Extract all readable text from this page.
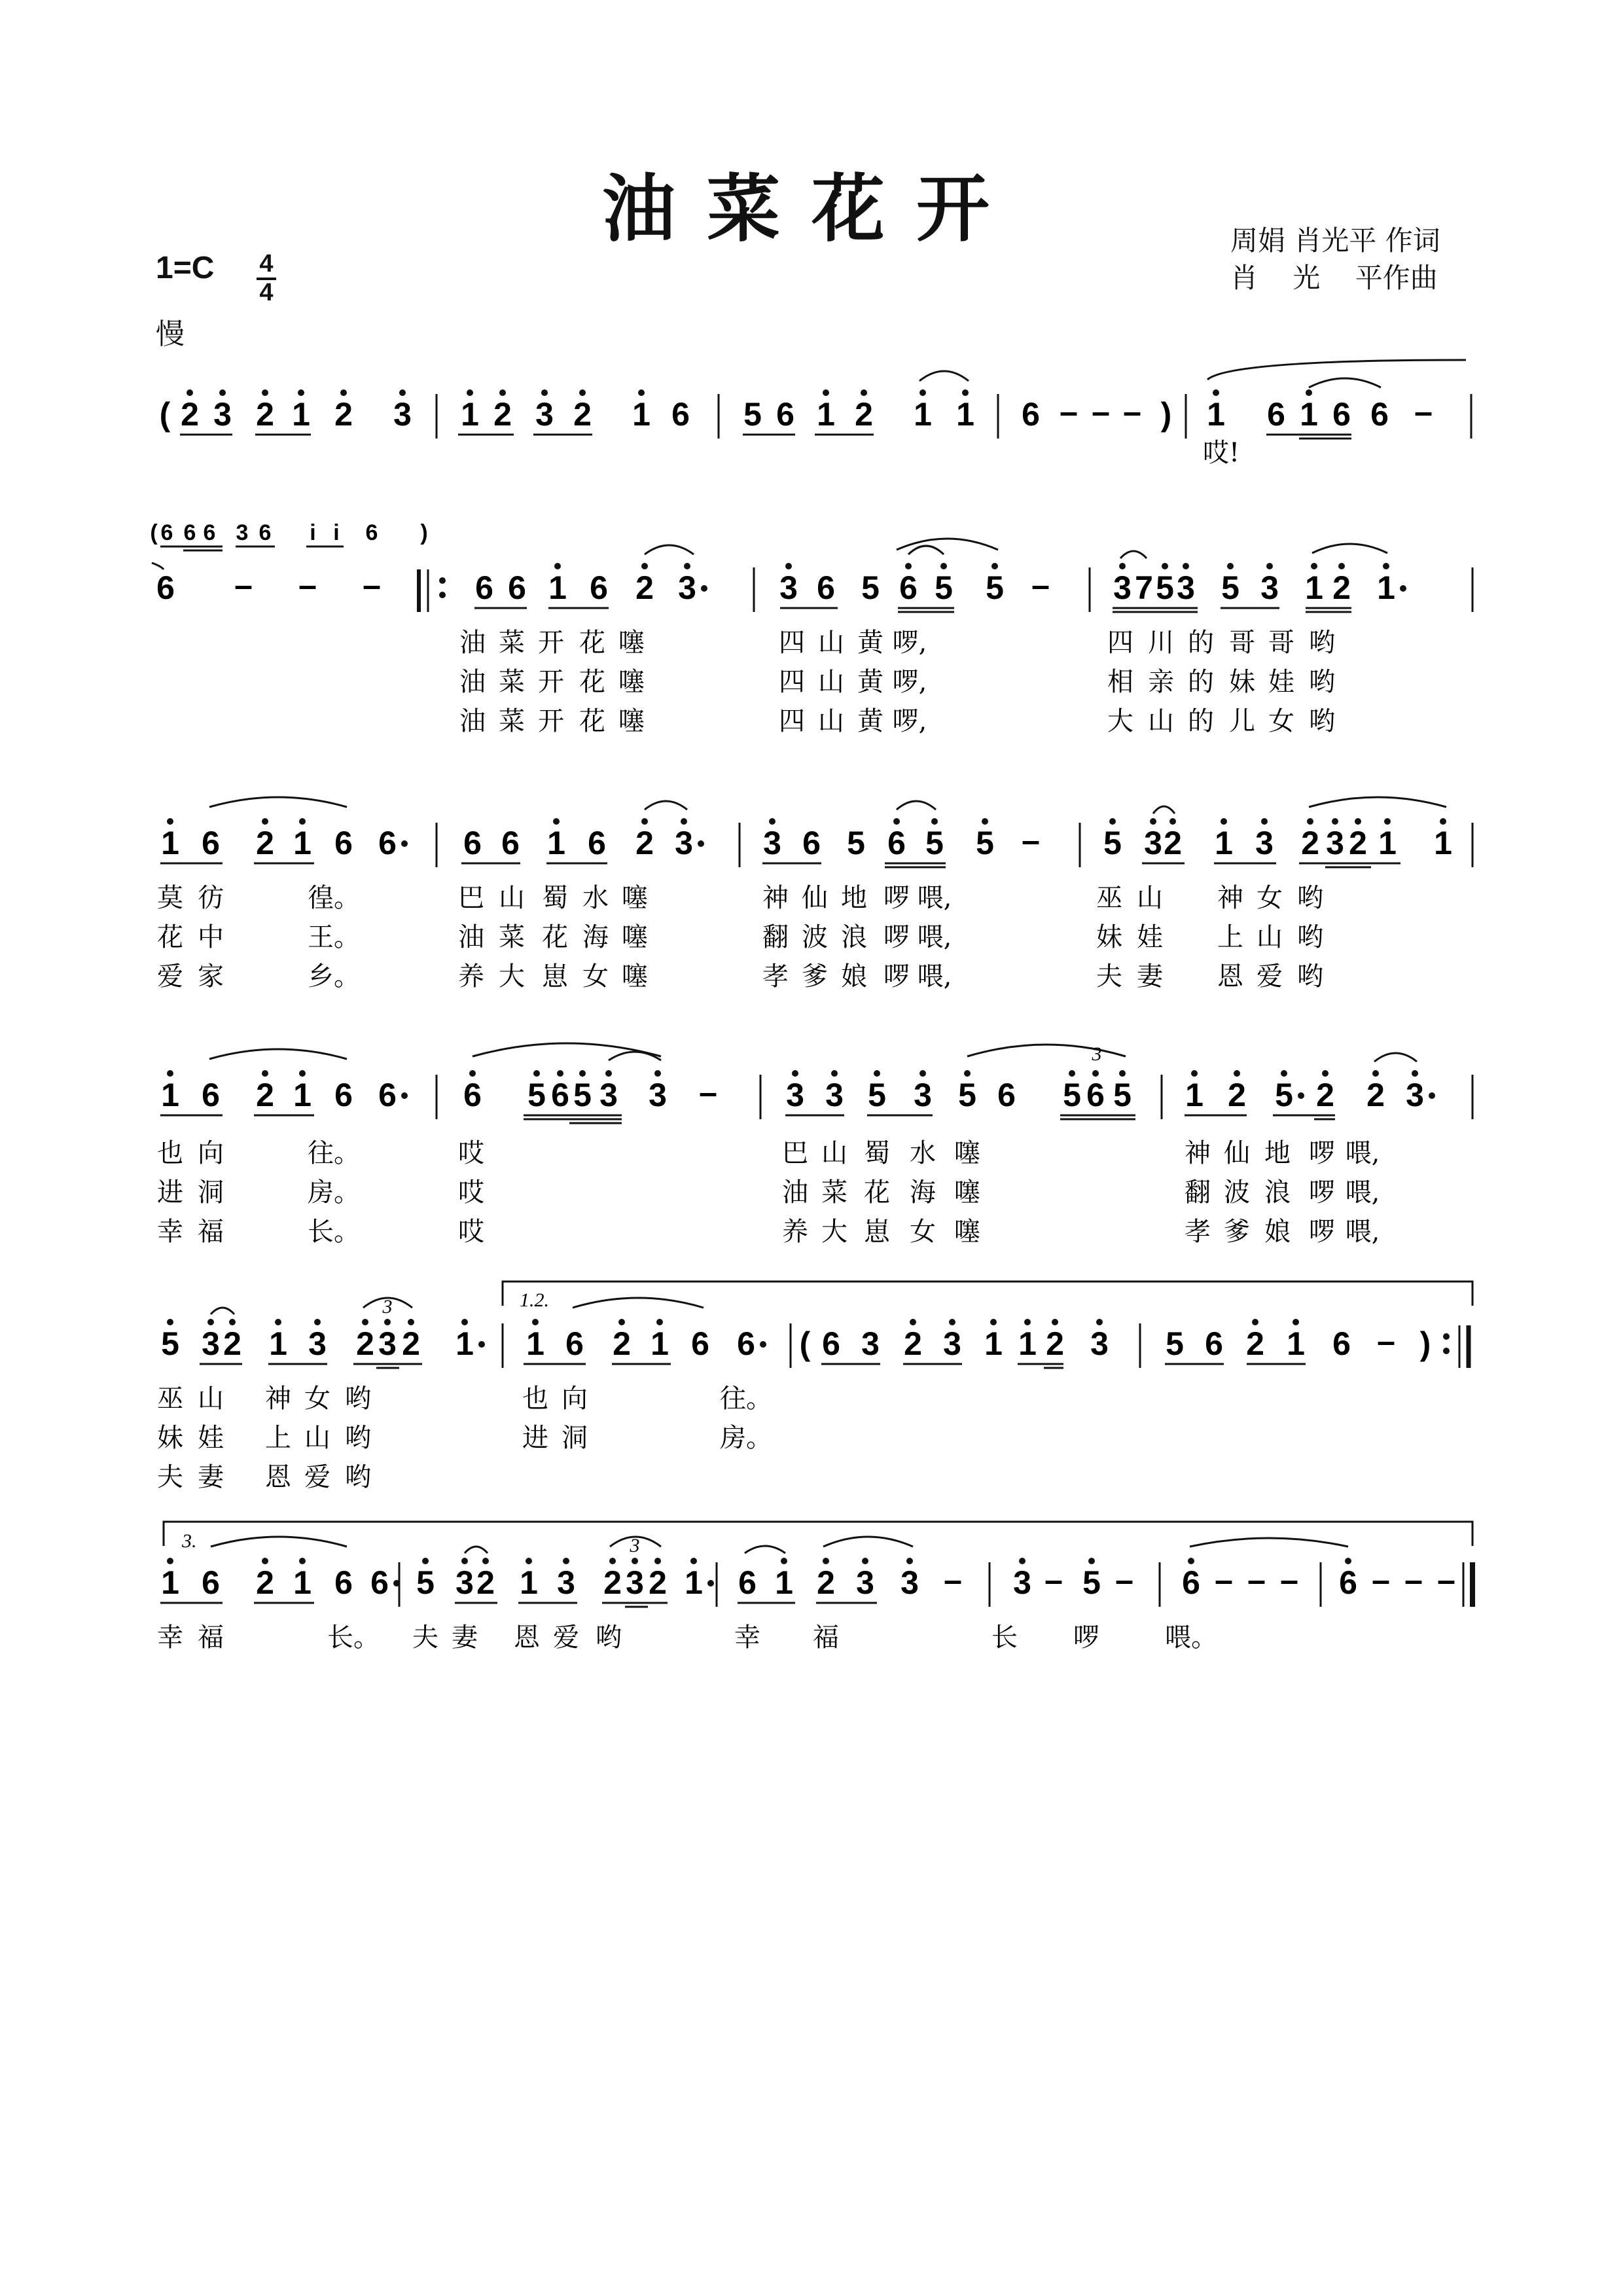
油菜花开	周娟 肖光平 作词
肖    光    平作曲
1=C 4
4
慢
( 2 3 2 1 2 3 1 2 3 2 1 6 5 6 1 2 1 1 6 – – – ) 1 6 1 6 6 –
哎!
( 6 6 6 3 6 i i 6 )
6 – – –	6 6 1 6 2 3	3 6 5 6 5 5 – 3 7 5 3 5 3 1 2 1
油 菜 开 花 噻	四 山 黄 啰,	四 川 的 哥 哥 哟
油 菜 开 花 噻	四 山 黄 啰,	相 亲 的 妹 娃 哟
油 菜 开 花 噻	四 山 黄 啰,	大 山 的 儿 女 哟
1 6 2 1 6 6 6 6 1 6 2 3 3 6 5 6 5 5 – 5 3 2 1 3 2 3 2 1 1
莫 彷	徨。	巴 山 蜀 水 噻	神 仙 地 啰 喂,	巫 山 神 女 哟
花 中	王。	油 菜 花 海 噻	翻 波 浪 啰 喂,	妹 娃 上 山 哟
爱 家	乡。	养 大 崽 女 噻	孝 爹 娘 啰 喂,	夫 妻 恩 爱 哟
1 6 2 1 6 6 6 5 6 5 3 3 – 3 3 5 3 5 6 5 6 5 1 2 5 2 2 3
3
也 向	往。	哎	巴 山 蜀 水 噻	神 仙 地 啰 喂,
进 洞	房。	哎	油 菜 花 海 噻	翻 波 浪 啰 喂,
幸 福	长。	哎	养 大 崽 女 噻	孝 爹 娘 啰 喂,
1.2.
5 3 2 1 3 2 3 2 1 1 6 2 1 6 6 ( 6 3 2 3 1 1 2 3 5 6 2 1 6 – )
3
巫 山 神 女 哟	也 向	往。
妹 娃 上 山 哟	进 洞	房。
夫 妻 恩 爱 哟
3.
1 6 2 1 6 6 5 3 2 1 3 2 3 2 1 6 1 2 3 3 – 3 – 5 – 6 – – – 6 – – –
3
幸 福	长。 夫 妻 恩 爱 哟	幸 福	长 啰	喂。
